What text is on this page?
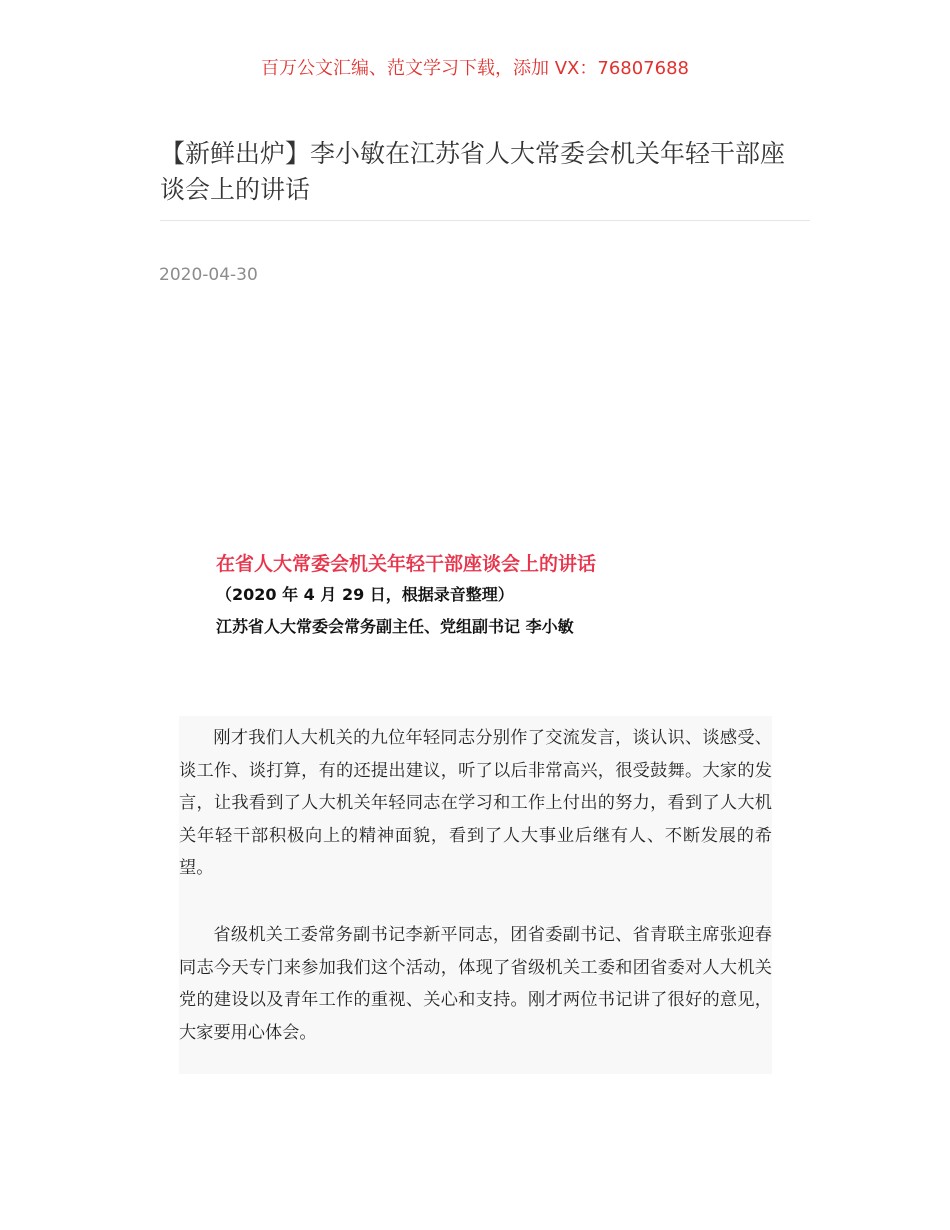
百万公文汇编、范文学习下载，添加 VX：76807688
【新鲜出炉】李小敏在江苏省人大常委会机关年轻干部座谈会上的讲话
2020-04-30

在省人大常委会机关年轻干部座谈会上的讲话

（2020 年 4 月 29 日，根据录音整理）

江苏省人大常委会常务副主任、党组副书记 李小敏

刚才我们人大机关的九位年轻同志分别作了交流发言，谈认识、谈感受、谈工作、谈打算，有的还提出建议，听了以后非常高兴，很受鼓舞。大家的发言，让我看到了人大机关年轻同志在学习和工作上付出的努力，看到了人大机关年轻干部积极向上的精神面貌，看到了人大事业后继有人、不断发展的希望。

省级机关工委常务副书记李新平同志，团省委副书记、省青联主席张迎春同志今天专门来参加我们这个活动，体现了省级机关工委和团省委对人大机关党的建设以及青年工作的重视、关心和支持。刚才两位书记讲了很好的意见，大家要用心体会。
